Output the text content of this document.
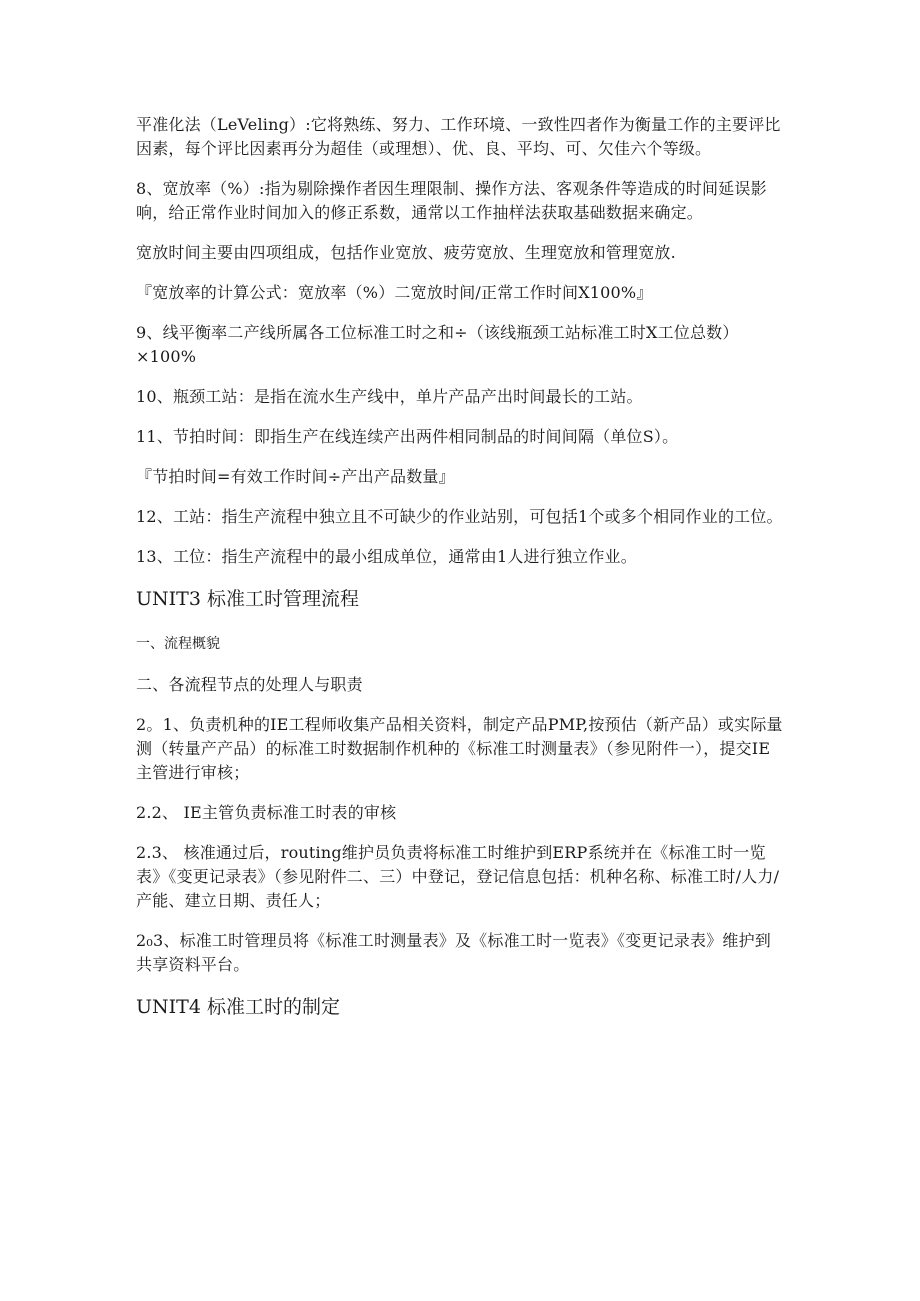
平准化法（LeVeling）:它将熟练、努力、工作环境、一致性四者作为衡量工作的主要评比因素，每个评比因素再分为超佳（或理想）、优、良、平均、可、欠佳六个等级。

8、宽放率（%）:指为剔除操作者因生理限制、操作方法、客观条件等造成的时间延误影响，给正常作业时间加入的修正系数，通常以工作抽样法获取基础数据来确定。

宽放时间主要由四项组成，包括作业宽放、疲劳宽放、生理宽放和管理宽放.

『宽放率的计算公式：宽放率（%）二宽放时间/正常工作时间X100%』

9、线平衡率二产线所属各工位标准工时之和÷（该线瓶颈工站标准工时X工位总数）×100%

10、瓶颈工站：是指在流水生产线中，单片产品产出时间最长的工站。

11、节拍时间：即指生产在线连续产出两件相同制品的时间间隔（单位S）。

『节拍时间=有效工作时间÷产出产品数量』

12、工站：指生产流程中独立且不可缺少的作业站别，可包括1个或多个相同作业的工位。

13、工位：指生产流程中的最小组成单位，通常由1人进行独立作业。

UNIT3 标准工时管理流程

一、流程概貌

二、各流程节点的处理人与职责

2。1、负责机种的IE工程师收集产品相关资料，制定产品PMP,按预估（新产品）或实际量测（转量产产品）的标准工时数据制作机种的《标准工时测量表》（参见附件一），提交IE主管进行审核；

2.2、 IE主管负责标准工时表的审核

2.3、 核准通过后，routing维护员负责将标准工时维护到ERP系统并在《标准工时一览表》《变更记录表》（参见附件二、三）中登记，登记信息包括：机种名称、标准工时/人力/产能、建立日期、责任人；

2₀3、标准工时管理员将《标准工时测量表》及《标准工时一览表》《变更记录表》维护到共享资料平台。

UNIT4 标准工时的制定
